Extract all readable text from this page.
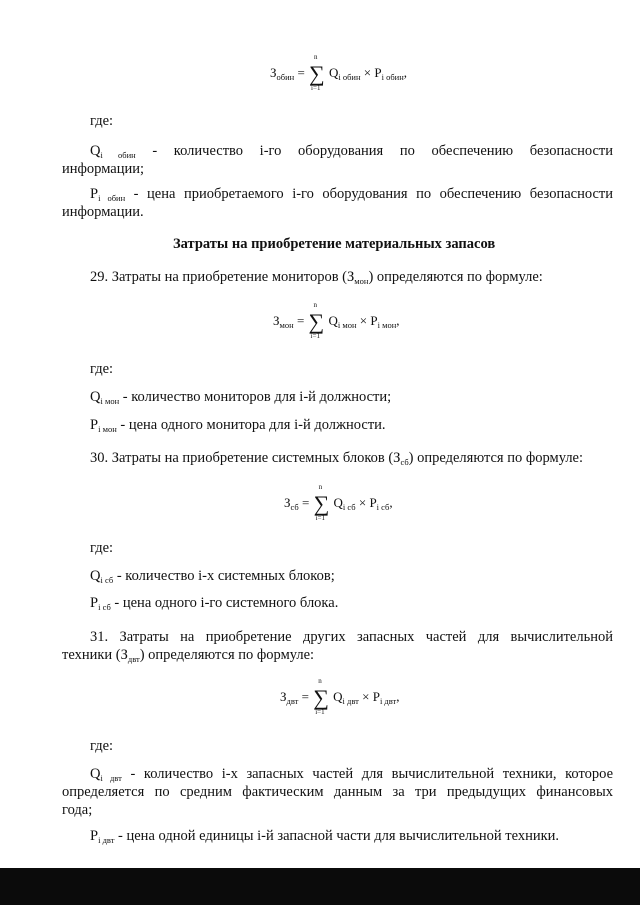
$З_{обин}$ = ∑
n
i=1
$Q_{i обин} \times P_{i обин}$,
где:
$Q_{i обин}$ - количество i-го оборудования по обеспечению безопасности
информации;
$P_{i обин}$ - цена приобретаемого i-го оборудования по обеспечению безопасности
информации.
Затраты на приобретение материальных запасов
29. Затраты на приобретение мониторов $(З_{мон})$ определяются по формуле:
$З_{мон}$ = ∑
n
i=1
$Q_{i мон} \times P_{i мон}$,
где:
$Q_{i мон}$ - количество мониторов для i-й должности;
$P_{i мон}$ - цена одного монитора для i-й должности.
30. Затраты на приобретение системных блоков $(З_{сб})$ определяются по формуле:
$З_{сб}$ = ∑
n
i=1
$Q_{i сб} \times P_{i сб}$,
где:
$Q_{i сб}$ - количество i-х системных блоков;
$P_{i сб}$ - цена одного i-го системного блока.
31. Затраты на приобретение других запасных частей для вычислительной
техники $(З_{двт})$ определяются по формуле:
$З_{двт}$ = ∑
n
i=1
$Q_{i двт} \times P_{i двт}$,
где:
$Q_{i двт}$ - количество i-х запасных частей для вычислительной техники, которое
определяется по средним фактическим данным за три предыдущих финансовых
года;
$P_{i двт}$ - цена одной единицы i-й запасной части для вычислительной техники.
